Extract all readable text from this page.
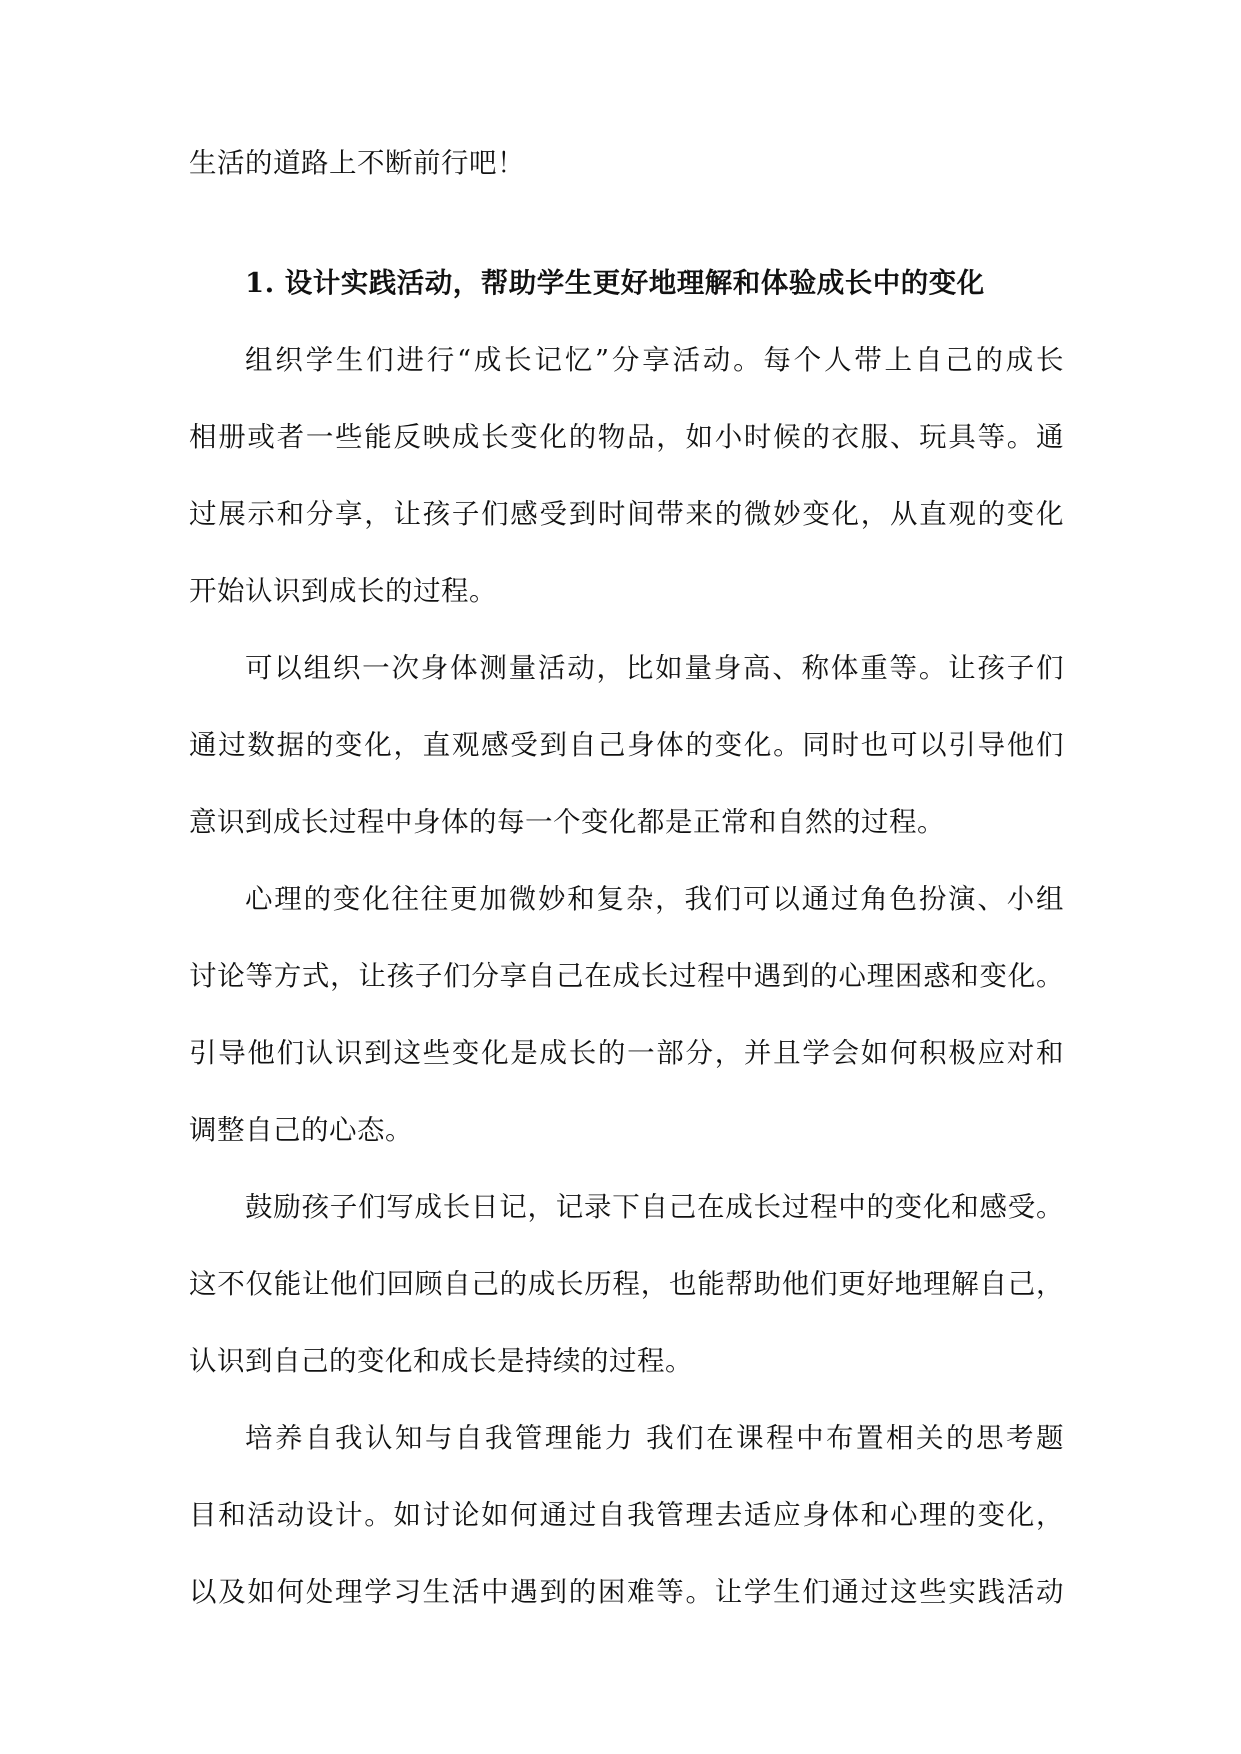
生活的道路上不断前行吧！
1. 设计实践活动，帮助学生更好地理解和体验成长中的变化
组织学生们进行“成长记忆”分享活动。每个人带上自己的成长
相册或者一些能反映成长变化的物品，如小时候的衣服、玩具等。通
过展示和分享，让孩子们感受到时间带来的微妙变化，从直观的变化
开始认识到成长的过程。
可以组织一次身体测量活动，比如量身高、称体重等。让孩子们
通过数据的变化，直观感受到自己身体的变化。同时也可以引导他们
意识到成长过程中身体的每一个变化都是正常和自然的过程。
心理的变化往往更加微妙和复杂，我们可以通过角色扮演、小组
讨论等方式，让孩子们分享自己在成长过程中遇到的心理困惑和变化。
引导他们认识到这些变化是成长的一部分，并且学会如何积极应对和
调整自己的心态。
鼓励孩子们写成长日记，记录下自己在成长过程中的变化和感受。
这不仅能让他们回顾自己的成长历程，也能帮助他们更好地理解自己，
认识到自己的变化和成长是持续的过程。
培养自我认知与自我管理能力 我们在课程中布置相关的思考题
目和活动设计。如讨论如何通过自我管理去适应身体和心理的变化，
以及如何处理学习生活中遇到的困难等。让学生们通过这些实践活动
